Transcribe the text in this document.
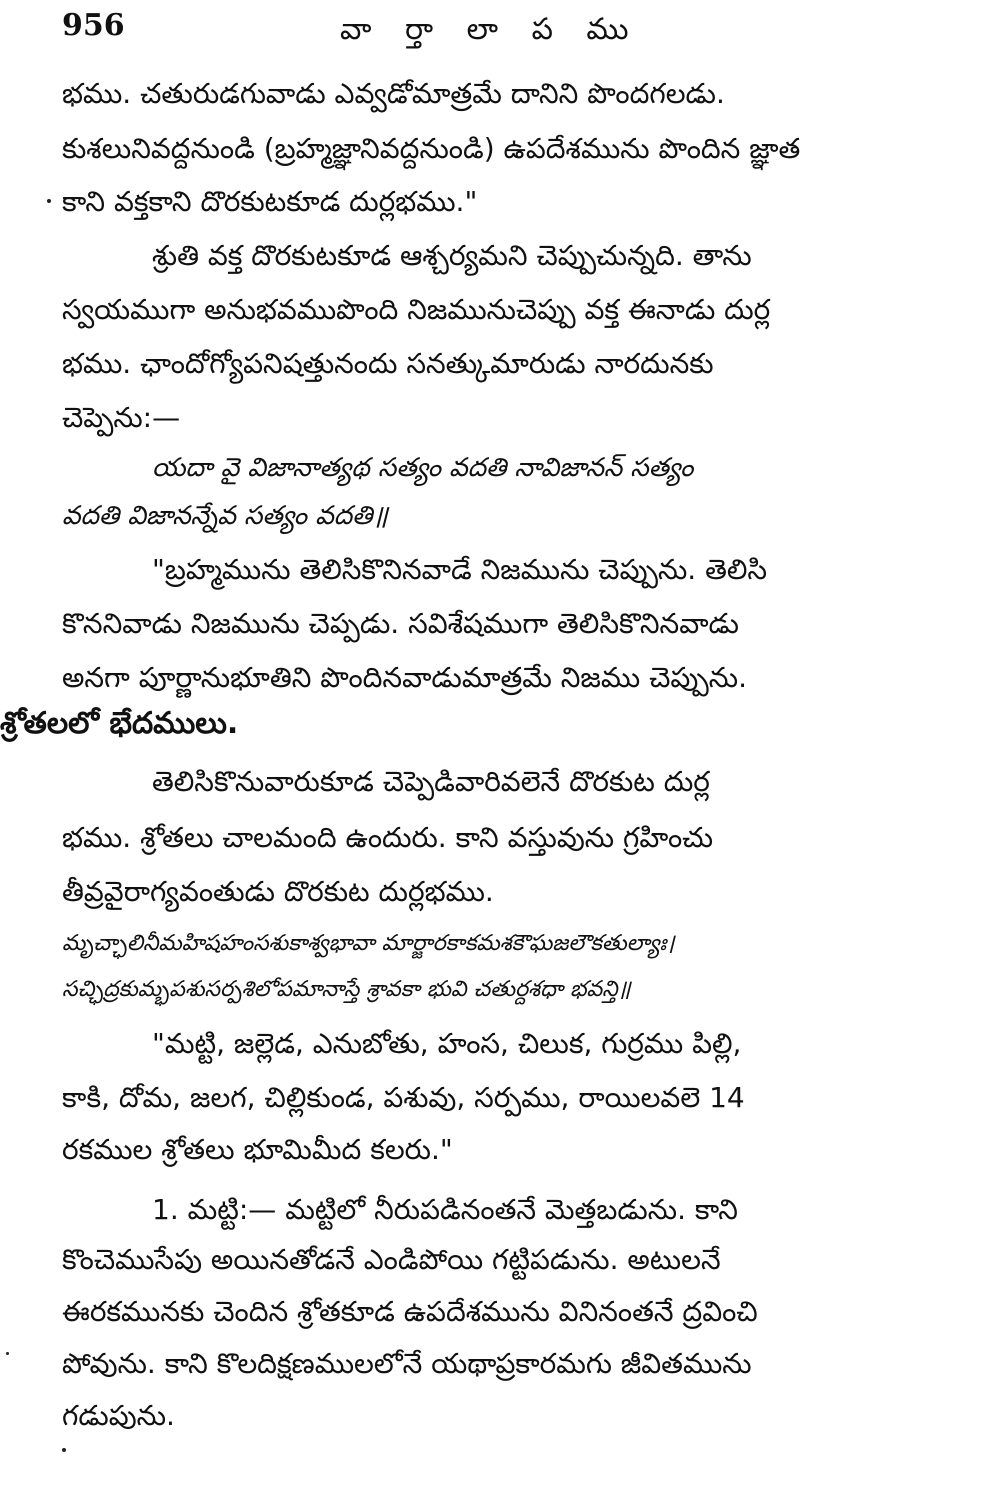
956	వా ర్తా లా ప ము
భము. చతురుడగువాడు ఎవ్వడోమాత్రమే దానిని పొందగలడు.
కుశలునివద్దనుండి (బ్రహ్మజ్ఞానివద్దనుండి) ఉపదేశమును పొందిన జ్ఞాత
కాని వక్తకాని దొరకుటకూడ దుర్లభము."
శ్రుతి వక్త దొరకుటకూడ ఆశ్చర్యమని చెప్పుచున్నది. తాను
స్వయముగా అనుభవముపొంది నిజమునుచెప్పు వక్త ఈనాడు దుర్ల
భము. ఛాందోగ్యోపనిషత్తునందు సనత్కుమారుడు నారదునకు
చెప్పెను:—
యదా వై విజానాత్యథ సత్యం వదతి నావిజానన్ సత్యం
వదతి విజానన్నేవ సత్యం వదతి॥
"బ్రహ్మమును తెలిసికొనినవాడే నిజమును చెప్పును. తెలిసి
కొననివాడు నిజమును చెప్పడు. సవిశేషముగా తెలిసికొనినవాడు
అనగా పూర్ణానుభూతిని పొందినవాడుమాత్రమే నిజము చెప్పును.
శ్రోతలలో భేదములు.
తెలిసికొనువారుకూడ చెప్పెడివారివలెనే దొరకుట దుర్ల
భము. శ్రోతలు చాలమంది ఉందురు. కాని వస్తువును గ్రహించు
తీవ్రవైరాగ్యవంతుడు దొరకుట దుర్లభము.
మృచ్ఛాలినీమహిషహంసశుకాశ్వభావా మార్జారకాకమశకౌఘజలౌకతుల్యాః।
సచ్ఛిద్రకుమ్భపశుసర్పశిలోపమానాస్తే శ్రావకా భువి చతుర్దశధా భవన్తి॥
"మట్టి, జల్లెడ, ఎనుబోతు, హంస, చిలుక, గుర్రము పిల్లి,
కాకి, దోమ, జలగ, చిల్లికుండ, పశువు, సర్పము, రాయిలవలె 14
రకముల శ్రోతలు భూమిమీద కలరు."
1. మట్టి:— మట్టిలో నీరుపడినంతనే మెత్తబడును. కాని
కొంచెముసేపు అయినతోడనే ఎండిపోయి గట్టిపడును. అటులనే
ఈరకమునకు చెందిన శ్రోతకూడ ఉపదేశమును వినినంతనే ద్రవించి
పోవును. కాని కొలదిక్షణములలోనే యథాప్రకారమగు జీవితమును
గడుపును.
